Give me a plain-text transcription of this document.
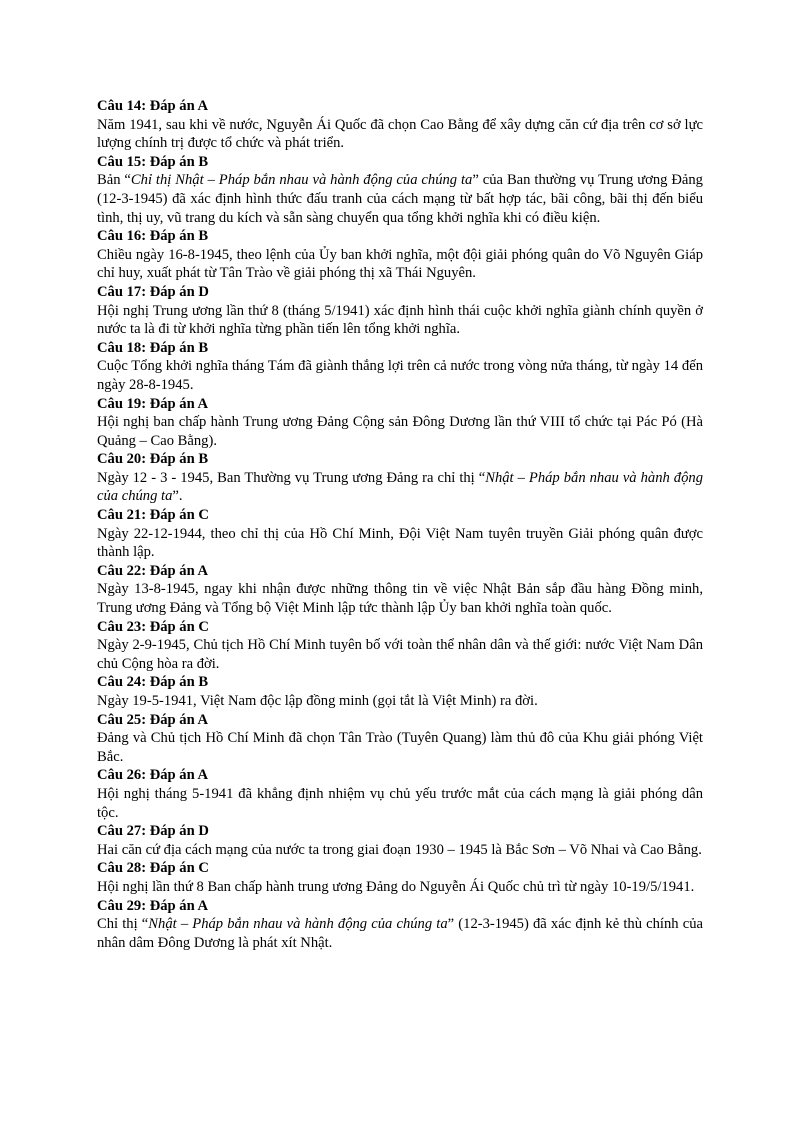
Câu 14: Đáp án A

Năm 1941, sau khi về nước, Nguyễn Ái Quốc đã chọn Cao Bằng để xây dựng căn cứ địa trên cơ sở lực lượng chính trị được tổ chức và phát triển.

Câu 15: Đáp án B

Bản “Chỉ thị Nhật – Pháp bắn nhau và hành động của chúng ta” của Ban thường vụ Trung ương Đảng (12-3-1945) đã xác định hình thức đấu tranh của cách mạng từ bất hợp tác, bãi công, bãi thị đến biểu tình, thị uy, vũ trang du kích và sẵn sàng chuyển qua tổng khởi nghĩa khi có điều kiện.

Câu 16: Đáp án B

Chiều ngày 16-8-1945, theo lệnh của Ủy ban khởi nghĩa, một đội giải phóng quân do Võ Nguyên Giáp chỉ huy, xuất phát từ Tân Trào về giải phóng thị xã Thái Nguyên.

Câu 17: Đáp án D

Hội nghị Trung ương lần thứ 8 (tháng 5/1941) xác định hình thái cuộc khởi nghĩa giành chính quyền ở nước ta là đi từ khởi nghĩa từng phần tiến lên tổng khởi nghĩa.

Câu 18: Đáp án B

Cuộc Tổng khởi nghĩa tháng Tám đã giành thắng lợi trên cả nước trong vòng nửa tháng, từ ngày 14 đến ngày 28-8-1945.

Câu 19: Đáp án A

Hội nghị ban chấp hành Trung ương Đảng Cộng sản Đông Dương lần thứ VIII tổ chức tại Pác Pó (Hà Quảng – Cao Bằng).

Câu 20: Đáp án B

Ngày 12 - 3 - 1945, Ban Thường vụ Trung ương Đảng ra chỉ thị “Nhật – Pháp bắn nhau và hành động của chúng ta”.

Câu 21: Đáp án C

Ngày 22-12-1944, theo chỉ thị của Hồ Chí Minh, Đội Việt Nam tuyên truyền Giải phóng quân được thành lập.

Câu 22: Đáp án A

Ngày 13-8-1945, ngay khi nhận được những thông tin về việc Nhật Bản sắp đầu hàng Đồng minh, Trung ương Đảng và Tổng bộ Việt Minh lập tức thành lập Ủy ban khởi nghĩa toàn quốc.

Câu 23: Đáp án C

Ngày 2-9-1945, Chủ tịch Hồ Chí Minh tuyên bố với toàn thể nhân dân và thế giới: nước Việt Nam Dân chủ Cộng hòa ra đời.

Câu 24: Đáp án B

Ngày 19-5-1941, Việt Nam độc lập đồng minh (gọi tắt là Việt Minh) ra đời.

Câu 25: Đáp án A

Đảng và Chủ tịch Hồ Chí Minh đã chọn Tân Trào (Tuyên Quang) làm thủ đô của Khu giải phóng Việt Bắc.

Câu 26: Đáp án A

Hội nghị tháng 5-1941 đã khẳng định nhiệm vụ chủ yếu trước mắt của cách mạng là giải phóng dân tộc.

Câu 27: Đáp án D

Hai căn cứ địa cách mạng của nước ta trong giai đoạn 1930 – 1945 là Bắc Sơn – Võ Nhai và Cao Bằng.

Câu 28: Đáp án C

Hội nghị lần thứ 8 Ban chấp hành trung ương Đảng do Nguyễn Ái Quốc chủ trì từ ngày 10-19/5/1941.

Câu 29: Đáp án A

Chỉ thị “Nhật – Pháp bắn nhau và hành động của chúng ta” (12-3-1945) đã xác định kẻ thù chính của nhân dâm Đông Dương là phát xít Nhật.
